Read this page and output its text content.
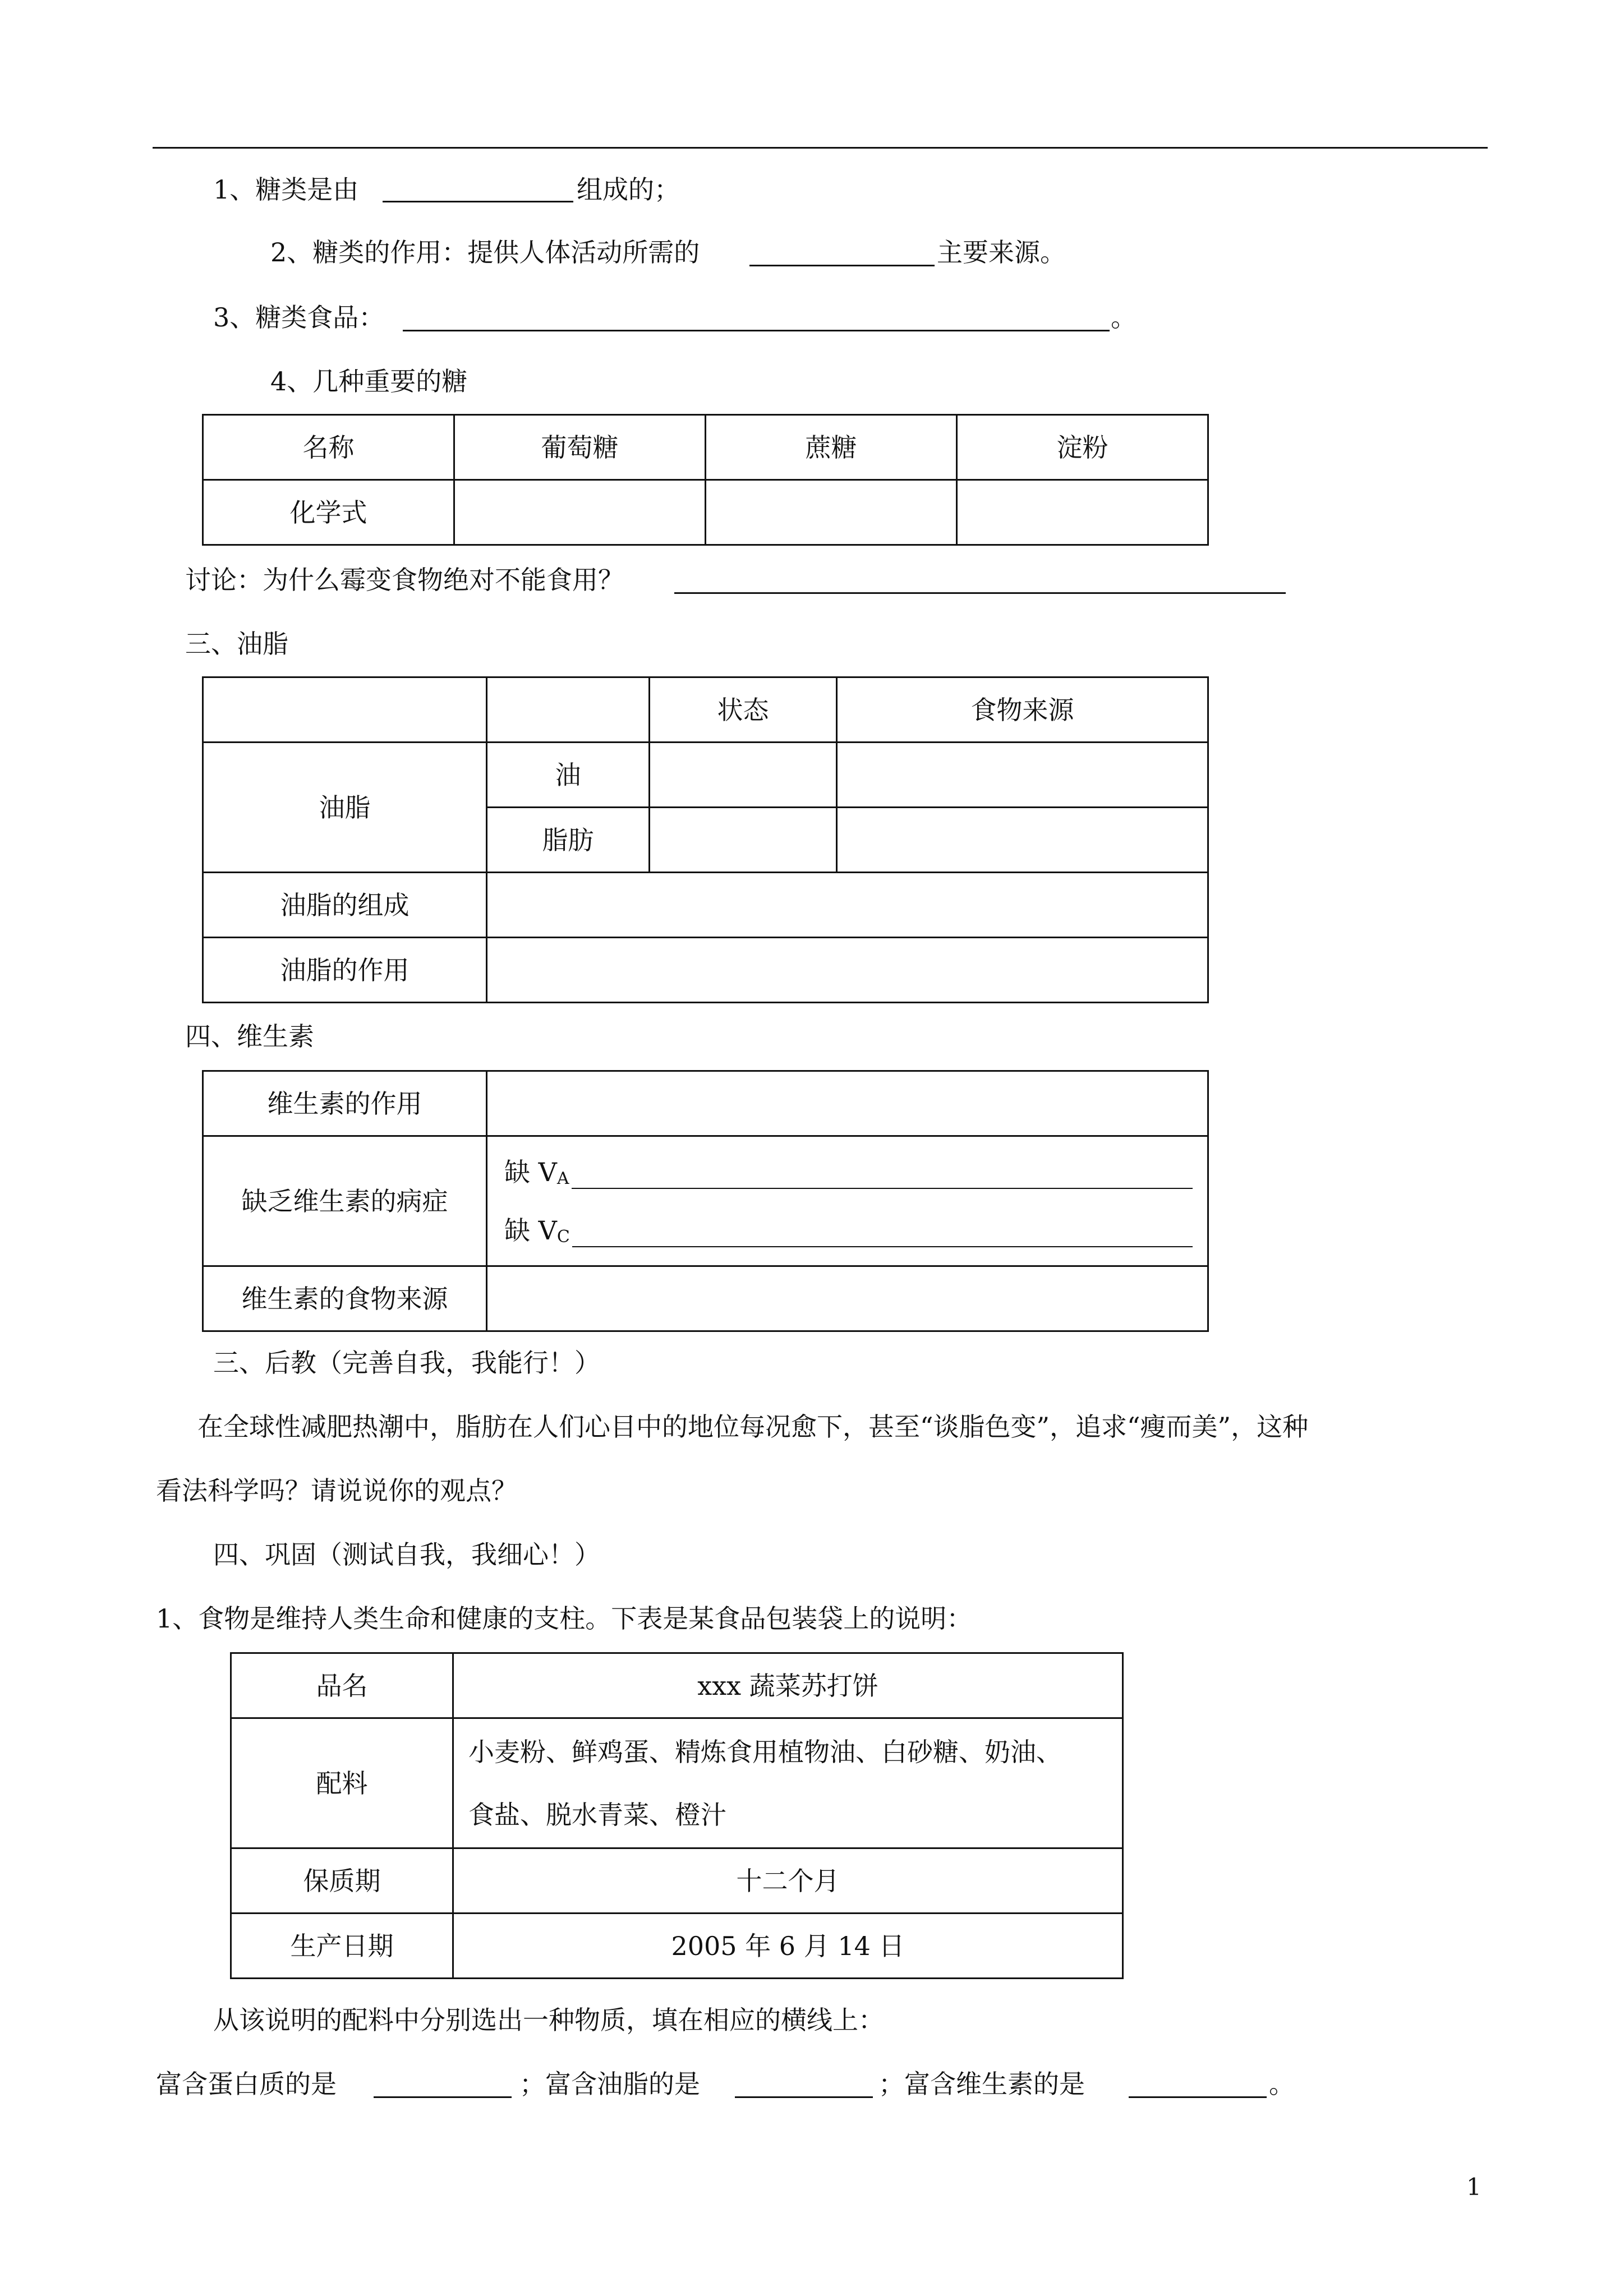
1、糖类是由	组成的；
2、糖类的作用：提供人体活动所需的	主要来源。
3、糖类食品：	。
4、几种重要的糖
名称	葡萄糖	蔗糖	淀粉
化学式			
讨论：为什么霉变食物绝对不能食用？
三、油脂
		状态	食物来源
油脂	油		
	脂肪		
油脂的组成			
油脂的作用			
四、维生素
维生素的作用	
缺乏维生素的病症	缺 V A
缺 V C

维生素的食物来源	
三、后教（完善自我，我能行！）
在全球性减肥热潮中，脂肪在人们心目中的地位每况愈下，甚至“谈脂色变”，追求“瘦而美”，这种
看法科学吗？请说说你的观点？
四、巩固（测试自我，我细心！）
1、食物是维持人类生命和健康的支柱。下表是某食品包装袋上的说明：
品名	xxx 蔬菜苏打饼
配料	小麦粉、鲜鸡蛋、精炼食用植物油、白砂糖、奶油、
食盐、脱水青菜、橙汁

保质期	十二个月
生产日期	2005 年 6 月 14 日
从该说明的配料中分别选出一种物质，填在相应的横线上：
富含蛋白质的是	；富含油脂的是	；富含维生素的是	。
1
